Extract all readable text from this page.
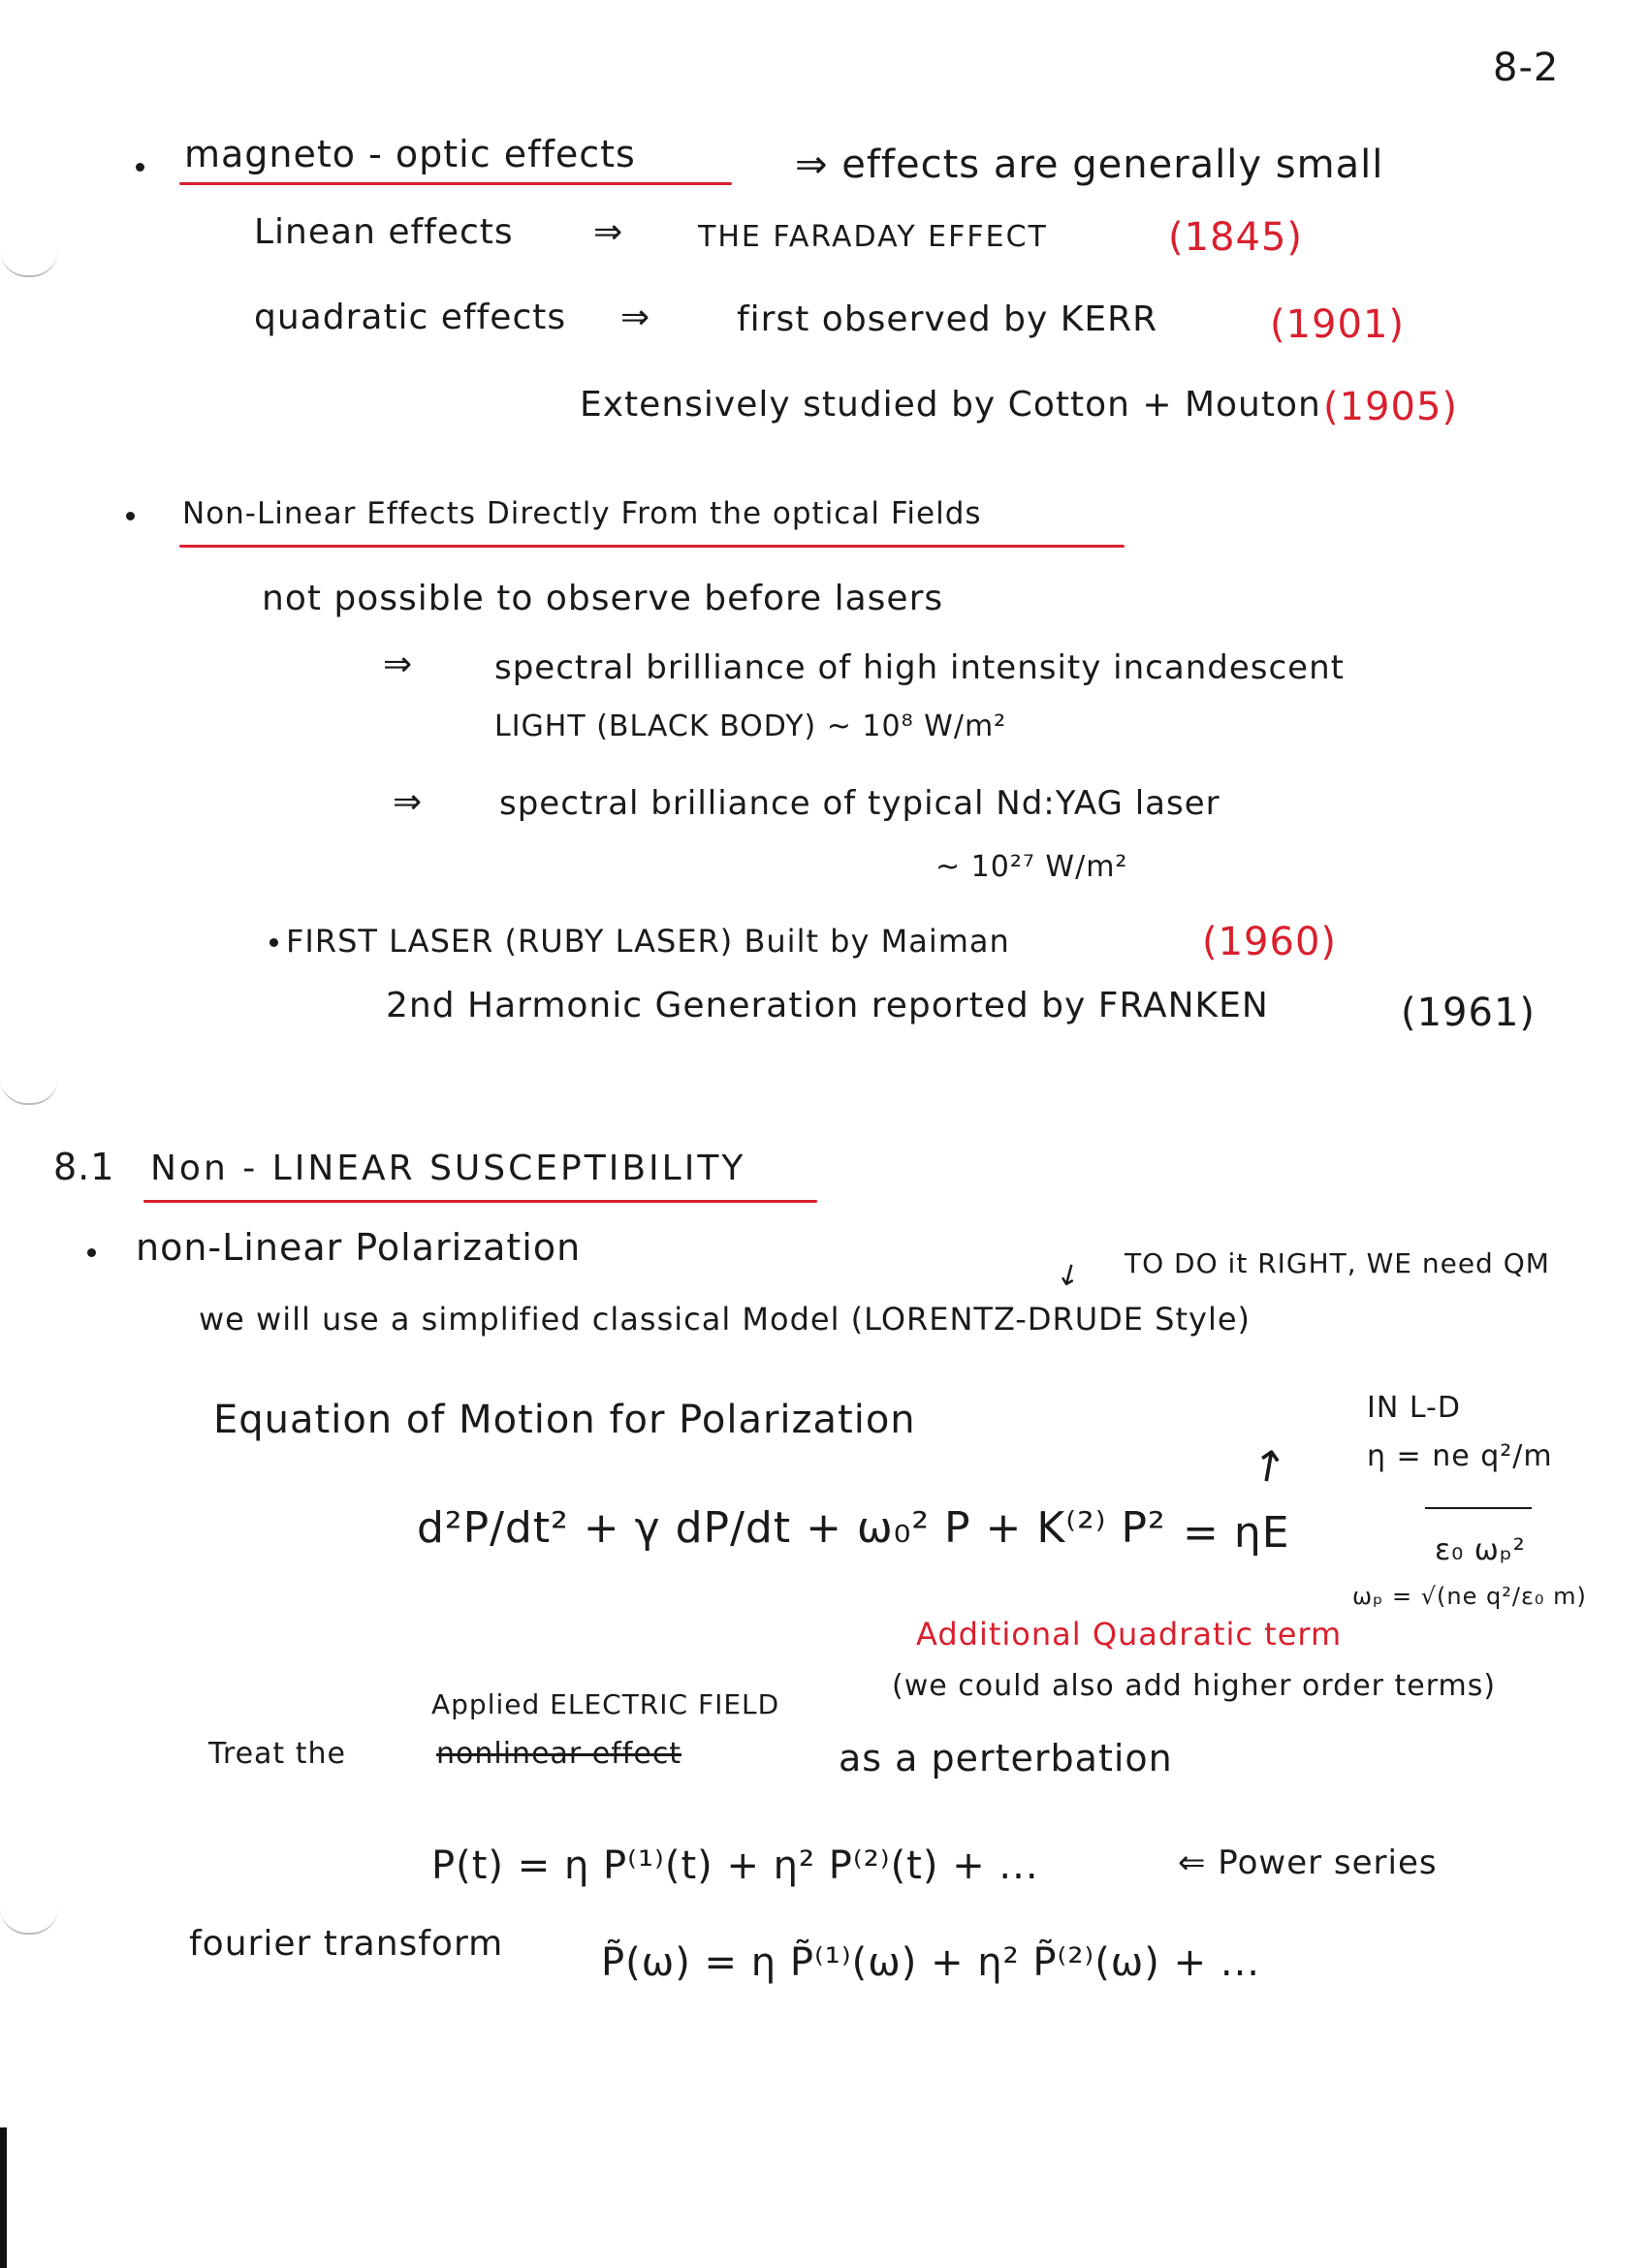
8-2
magneto - optic effects	⇒ effects are generally small
Linean effects ⇒	THE FARADAY EFFECT	(1845)
quadratic effects ⇒ first observed by KERR	(1901)
Extensively studied by Cotton + Mouton (1905)
Non-Linear Effects Directly From the optical Fields
not possible to observe before lasers
⇒ spectral brilliance of high intensity incandescent
LIGHT (BLACK BODY) ~ 10⁸ W/m²
⇒ spectral brilliance of typical Nd:YAG laser
~ 10²⁷ W/m²
FIRST LASER (RUBY LASER) Built by Maiman	(1960)
2nd Harmonic Generation reported by FRANKEN	(1961)
8.1 Non - LINEAR SUSCEPTIBILITY
non-Linear Polarization	TO DO it RIGHT, WE need QM
↙
we will use a simplified classical Model (LORENTZ-DRUDE Style)
Equation of Motion for Polarization
d²P/dt² + γ dP/dt + ω₀² P + K⁽²⁾ P² = ηE
↗
IN L-D
η = ne q²/m
ε₀ ωₚ²
ωₚ = √(ne q²/ε₀ m)
Additional Quadratic term
(we could also add higher order terms)
Applied ELECTRIC FIELD
Treat the	nonlinear effect	as a perterbation
P(t) = η P⁽¹⁾(t) + η² P⁽²⁾(t) + ...	⇐ Power series
fourier transform	P̃(ω) = η P̃⁽¹⁾(ω) + η² P̃⁽²⁾(ω) + ...
